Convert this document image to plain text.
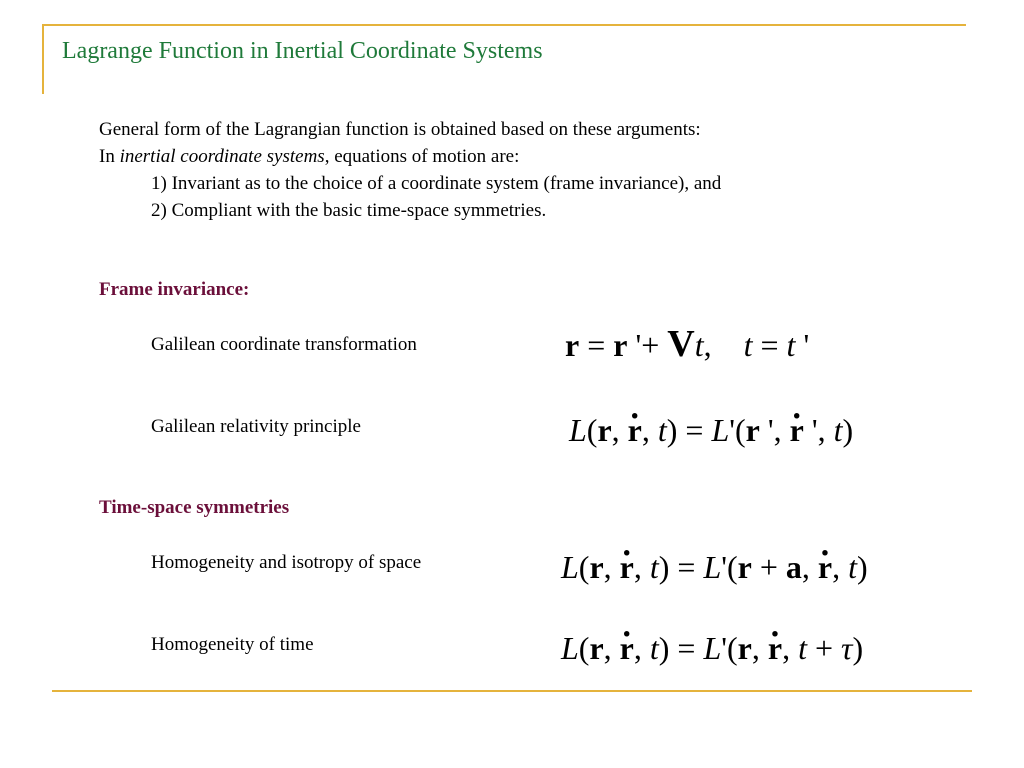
Lagrange Function in Inertial Coordinate Systems
General form of the Lagrangian function is obtained based on these arguments:
In inertial coordinate systems, equations of motion are:
1) Invariant as to the choice of a coordinate system (frame invariance), and
2) Compliant with the basic time-space symmetries.
Frame invariance:
Galilean coordinate transformation	r = r '+ Vt,    t = t '
Galilean relativity principle	L(r, r ·, t) = L'(r ', r · ', t)
Time-space symmetries
Homogeneity and isotropy of space	L(r, r ·, t) = L'(r + a, r ·, t)
Homogeneity of time	L(r, r ·, t) = L'(r, r ·, t + τ)
